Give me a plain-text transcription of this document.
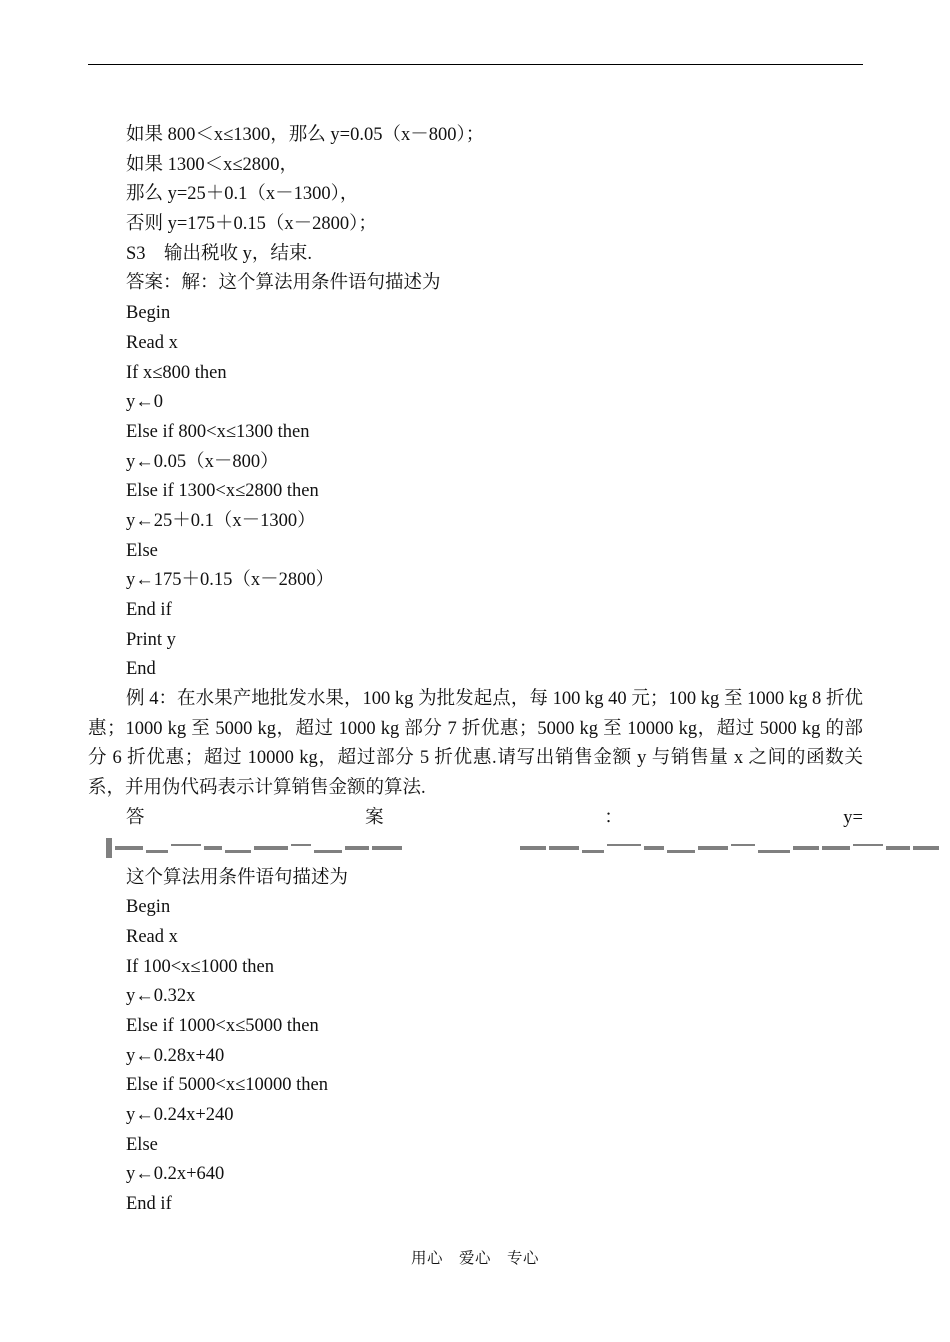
如果 800＜x≤1300，那么 y=0.05（x－800）；
如果 1300＜x≤2800，
那么 y=25＋0.1（x－1300），
否则 y=175＋0.15（x－2800）；
S3　输出税收 y，结束.
答案：解：这个算法用条件语句描述为
Begin
Read x
If x≤800 then
y←0
Else if 800<x≤1300 then
y←0.05（x－800）
Else if 1300<x≤2800 then
y←25＋0.1（x－1300）
Else
y←175＋0.15（x－2800）
End if
Print y
End
例 4：在水果产地批发水果，100 kg 为批发起点，每 100 kg 40 元；100 kg 至 1000 kg 8 折优惠；1000 kg 至 5000 kg，超过 1000 kg 部分 7 折优惠；5000 kg 至 10000 kg，超过 5000 kg 的部分 6 折优惠；超过 10000 kg，超过部分 5 折优惠.请写出销售金额 y 与销售量 x 之间的函数关系，并用伪代码表示计算销售金额的算法.
答	案	：	y=
这个算法用条件语句描述为
Begin
Read x
If 100<x≤1000 then
y←0.32x
Else if 1000<x≤5000 then
y←0.28x+40
Else if 5000<x≤10000 then
y←0.24x+240
Else
y←0.2x+640
End if
用心　爱心　专心
